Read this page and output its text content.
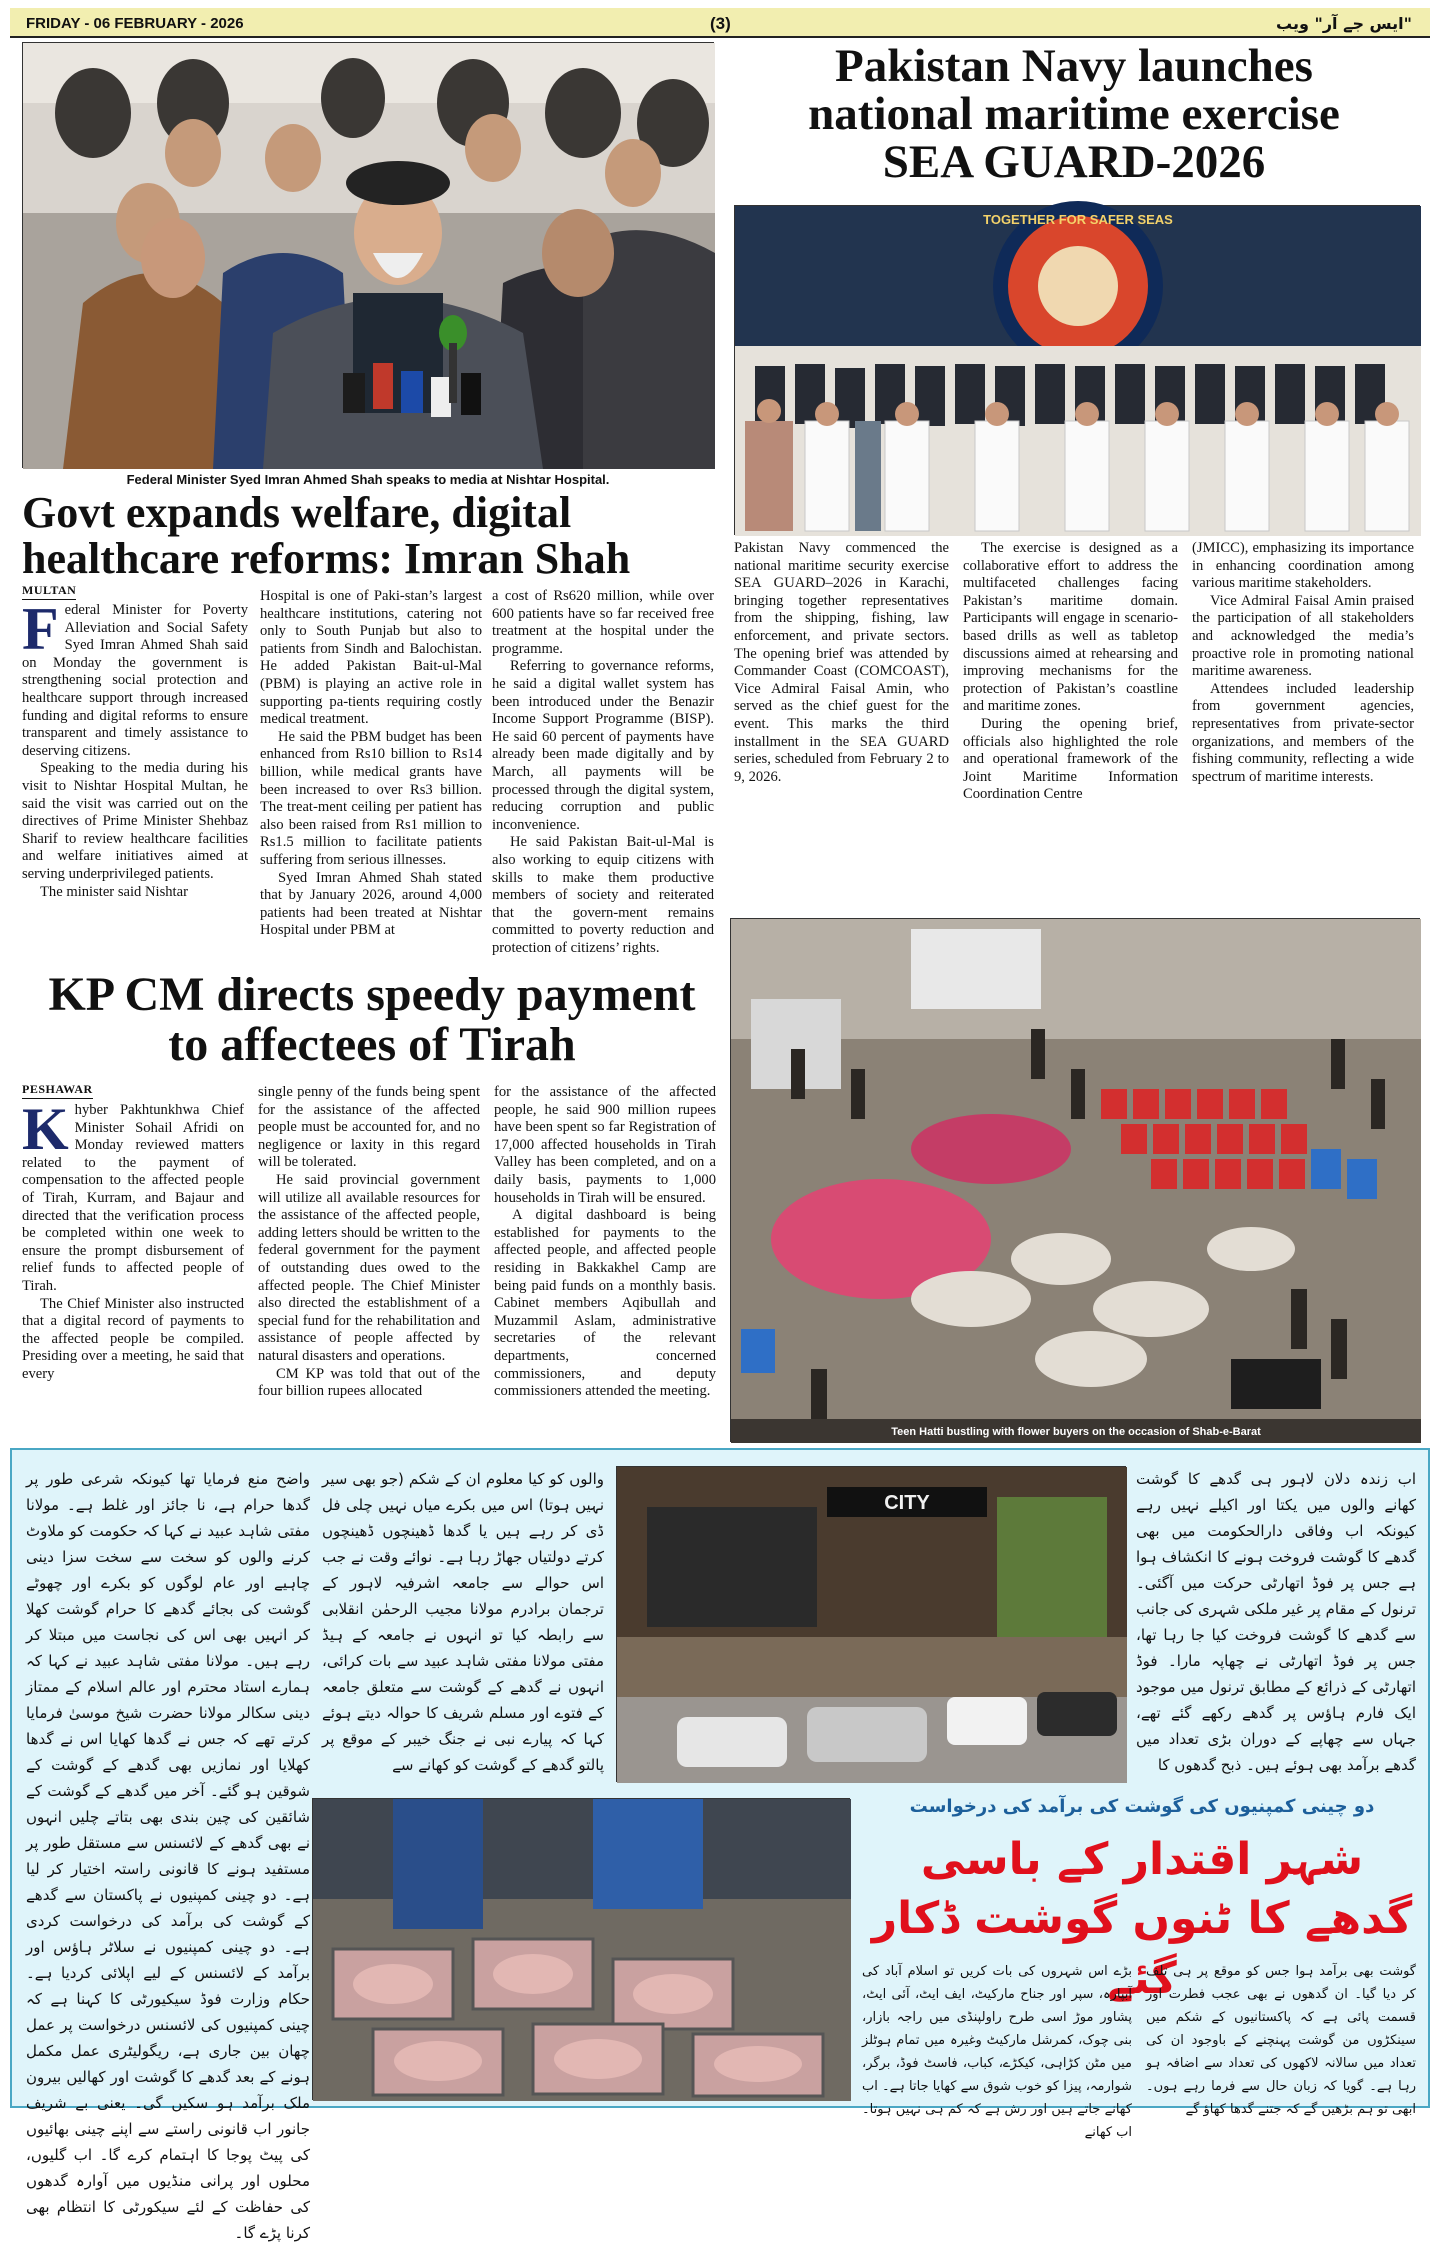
FRIDAY - 06 FEBRUARY - 2026	(3)	"ایس جے آر" ویب
Federal Minister Syed Imran Ahmed Shah speaks to media at Nishtar Hospital.
Pakistan Navy launches
national maritime exercise
SEA GUARD-2026
TOGETHER FOR SAFER SEAS

Pakistan Navy commenced the national maritime security exercise SEA GUARD–2026 in Karachi, bringing together representatives from the shipping, fishing, law enforcement, and private sectors. The opening brief was attended by Commander Coast (COMCOAST), Vice Admiral Faisal Amin, who served as the chief guest for the event. This marks the third installment in the SEA GUARD series, scheduled from February 2 to 9, 2026.

The exercise is designed as a collaborative effort to address the multifaceted challenges facing Pakistan’s maritime domain. Participants will engage in scenario-based drills as well as tabletop discussions aimed at rehearsing and improving mechanisms for the protection of Pakistan’s coastline and maritime zones.

During the opening brief, officials also highlighted the role and operational framework of the Joint Maritime Information Coordination Centre

(JMICC), emphasizing its importance in enhancing coordination among various maritime stakeholders.

Vice Admiral Faisal Amin praised the participation of all stakeholders and acknowledged the media’s proactive role in promoting national maritime awareness.

Attendees included leadership from government agencies, representatives from private-sector organizations, and members of the fishing community, reflecting a wide spectrum of maritime interests.

Govt expands welfare, digital
healthcare reforms: Imran Shah
MULTAN

Federal Minister for Poverty Alleviation and Social Safety Syed Imran Ahmed Shah said on Monday the government is strengthening social protection and healthcare support through increased funding and digital reforms to ensure transparent and timely assistance to deserving citizens.

Speaking to the media during his visit to Nishtar Hospital Multan, he said the visit was carried out on the directives of Prime Minister Shehbaz Sharif to review healthcare facilities and welfare initiatives aimed at serving underprivileged patients.

The minister said Nishtar

Hospital is one of Paki-stan’s largest healthcare institutions, catering not only to South Punjab but also to patients from Sindh and Balochistan. He added Pakistan Bait-ul-Mal (PBM) is playing an active role in supporting pa-tients requiring costly medical treatment.

He said the PBM budget has been enhanced from Rs10 billion to Rs14 billion, while medical grants have been increased to over Rs3 billion. The treat-ment ceiling per patient has also been raised from Rs1 million to Rs1.5 million to facilitate patients suffering from serious illnesses.

Syed Imran Ahmed Shah stated that by January 2026, around 4,000 patients had been treated at Nishtar Hospital under PBM at

a cost of Rs620 million, while over 600 patients have so far received free treatment at the hospital under the programme.

Referring to governance reforms, he said a digital wallet system has been introduced under the Benazir Income Support Programme (BISP). He said 60 percent of payments have already been made digitally and by March, all payments will be processed through the digital system, reducing corruption and public inconvenience.

He said Pakistan Bait-ul-Mal is also working to equip citizens with skills to make them productive members of society and reiterated that the govern-ment remains committed to poverty reduction and protection of citizens’ rights.

KP CM directs speedy payment
to affectees of Tirah
PESHAWAR

Khyber Pakhtunkhwa Chief Minister Sohail Afridi on Monday reviewed matters related to the payment of compensation to the affected people of Tirah, Kurram, and Bajaur and directed that the verification process be completed within one week to ensure the prompt disbursement of relief funds to affected people of Tirah.

The Chief Minister also instructed that a digital record of payments to the affected people be compiled. Presiding over a meeting, he said that every

single penny of the funds being spent for the assistance of the affected people must be accounted for, and no negligence or laxity in this regard will be tolerated.

He said provincial government will utilize all available resources for the assistance of the affected people, adding letters should be written to the federal government for the payment of outstanding dues owed to the affected people. The Chief Minister also directed the establishment of a special fund for the rehabilitation and assistance of people affected by natural disasters and operations.

CM KP was told that out of the four billion rupees allocated

for the assistance of the affected people, he said 900 million rupees have been spent so far Registration of 17,000 affected households in Tirah Valley has been completed, and on a daily basis, payments to 1,000 households in Tirah will be ensured.

A digital dashboard is being established for payments to the affected people, and affected people residing in Bakkakhel Camp are being paid funds on a monthly basis. Cabinet members Aqibullah and Muzammil Aslam, administrative secretaries of the relevant departments, concerned commissioners, and deputy commissioners attended the meeting.

Teen Hatti bustling with flower buyers on the occasion of Shab-e-Barat
اب زندہ دلان لاہور ہی گدھے کا گوشت کھانے والوں میں یکتا اور اکیلے نہیں رہے کیونکہ اب وفاقی دارالحکومت میں بھی گدھے کا گوشت فروخت ہونے کا انکشاف ہوا ہے جس پر فوڈ اتھارٹی حرکت میں آگئی۔ ترنول کے مقام پر غیر ملکی شہری کی جانب سے گدھے کا گوشت فروخت کیا جا رہا تھا، جس پر فوڈ اتھارٹی نے چھاپہ مارا۔ فوڈ اتھارٹی کے ذرائع کے مطابق ترنول میں موجود ایک فارم ہاؤس پر گدھے رکھے گئے تھے، جہاں سے چھاپے کے دوران بڑی تعداد میں گدھے برآمد بھی ہوئے ہیں۔ ذبح گدھوں کا
CITY
والوں کو کیا معلوم ان کے شکم (جو بھی سیر نہیں ہوتا) اس میں بکرے میاں نہیں چلی فل ڈی کر رہے ہیں یا گدھا ڈھینچوں ڈھینچوں کرتے دولتیاں جھاڑ رہا ہے۔ نوائے وقت نے جب اس حوالے سے جامعہ اشرفیہ لاہور کے ترجمان برادرم مولانا مجیب الرحمٰن انقلابی سے رابطہ کیا تو انہوں نے جامعہ کے ہیڈ مفتی مولانا مفتی شاہد عبید سے بات کرائی، انہوں نے گدھے کے گوشت سے متعلق جامعہ کے فتوے اور مسلم شریف کا حوالہ دیتے ہوئے کہا کہ پیارے نبی نے جنگ خیبر کے موقع پر پالتو گدھے کے گوشت کو کھانے سے
واضح منع فرمایا تھا کیونکہ شرعی طور پر گدھا حرام ہے، نا جائز اور غلط ہے۔ مولانا مفتی شاہد عبید نے کہا کہ حکومت کو ملاوٹ کرنے والوں کو سخت سے سخت سزا دینی چاہیے اور عام لوگوں کو بکرے اور چھوٹے گوشت کی بجائے گدھے کا حرام گوشت کھلا کر انہیں بھی اس کی نجاست میں مبتلا کر رہے ہیں۔ مولانا مفتی شاہد عبید نے کہا کہ ہمارے استاد محترم اور عالم اسلام کے ممتاز دینی سکالر مولانا حضرت شیخ موسیٰ فرمایا کرتے تھے کہ جس نے گدھا کھایا اس نے گدھا کھلایا اور نمازیں بھی گدھے کے گوشت کے شوقین ہو گئے۔ آخر میں گدھے کے گوشت کے شائقین کی چین بندی بھی بتاتے چلیں انہوں نے بھی گدھے کے لائسنس سے مستقل طور پر مستفید ہونے کا قانونی راستہ اختیار کر لیا ہے۔ دو چینی کمپنیوں نے پاکستان سے گدھے کے گوشت کی برآمد کی درخواست کردی ہے۔ دو چینی کمپنیوں نے سلاٹر ہاؤس اور برآمد کے لائسنس کے لیے اپلائی کردیا ہے۔ حکام وزارت فوڈ سیکیورٹی کا کہنا ہے کہ چینی کمپنیوں کی لائسنس درخواست پر عمل چھان بین جاری ہے، ریگولیٹری عمل مکمل ہونے کے بعد گدھے کا گوشت اور کھالیں بیرون ملک برآمد ہو سکیں گی۔ یعنی بے شریف جانور اب قانونی راستے سے اپنے چینی بھائیوں کی پیٹ پوجا کا اہتمام کرے گا۔ اب گلیوں، محلوں اور پرانی منڈیوں میں آوارہ گدھوں کی حفاظت کے لئے سیکورٹی کا انتظام بھی کرنا پڑے گا۔
دو چینی کمپنیوں کی گوشت کی برآمد کی درخواست
شہر اقتدار کے باسی
گدھے کا ٹنوں گوشت ڈکار گئے
بڑے اس شہروں کی بات کریں تو اسلام آباد کی آبپارہ، سپر اور جناح مارکیٹ، ایف ایٹ، آئی ایٹ، پشاور موڑ اسی طرح راولپنڈی میں راجہ بازار، بنی چوک، کمرشل مارکیٹ وغیرہ میں تمام ہوٹلز میں مٹن کڑاہی، کیکڑے، کباب، فاسٹ فوڈ، برگر، شوارمہ، پیزا کو خوب شوق سے کھایا جاتا ہے۔ اب کھانے جاتے ہیں اور رش ہے کہ کم ہی نہیں ہوتا۔ اب کھانے
گوشت بھی برآمد ہوا جس کو موقع پر ہی تلف کر دیا گیا۔ ان گدھوں نے بھی عجب فطرت اور قسمت پائی ہے کہ پاکستانیوں کے شکم میں سینکڑوں من گوشت پہنچنے کے باوجود ان کی تعداد میں سالانہ لاکھوں کی تعداد سے اضافہ ہو رہا ہے۔ گویا کہ زبان حال سے فرما رہے ہوں۔ ابھی تو ہم بڑھیں گے کہ جتنے گدھا کھاؤ گے
